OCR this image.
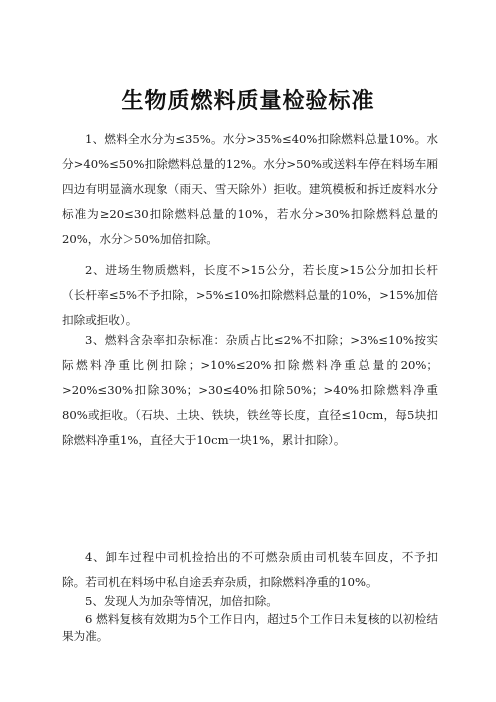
生物质燃料质量检验标准

1、燃料全水分为≤35%。水分>35%≤40%扣除燃料总量10%。水分>40%≤50%扣除燃料总量的12%。水分>50%或送料车停在料场车厢四边有明显滴水现象（雨天、雪天除外）拒收。建筑模板和拆迁废料水分标准为≥20≤30扣除燃料总量的10%，若水分>30%扣除燃料总量的20%，水分＞50%加倍扣除。

2、进场生物质燃料，长度不>15公分，若长度>15公分加扣长杆（长杆率≤5%不予扣除，>5%≤10%扣除燃料总量的10%，>15%加倍扣除或拒收）。

3、燃料含杂率扣杂标准：杂质占比≤2%不扣除；>3%≤10%按实际燃料净重比例扣除；>10%≤20%扣除燃料净重总量的20%；>20%≤30%扣除30%；>30≤40%扣除50%；>40%扣除燃料净重80%或拒收。（石块、土块、铁块，铁丝等长度，直径≤10cm，每5块扣除燃料净重1%，直径大于10cm一块1%，累计扣除）。

4、卸车过程中司机捡拾出的不可燃杂质由司机装车回皮，不予扣除。若司机在料场中私自途丢弃杂质，扣除燃料净重的10%。

5、发现人为加杂等情况，加倍扣除。

6 燃料复核有效期为5个工作日内，超过5个工作日未复核的以初检结果为准。
